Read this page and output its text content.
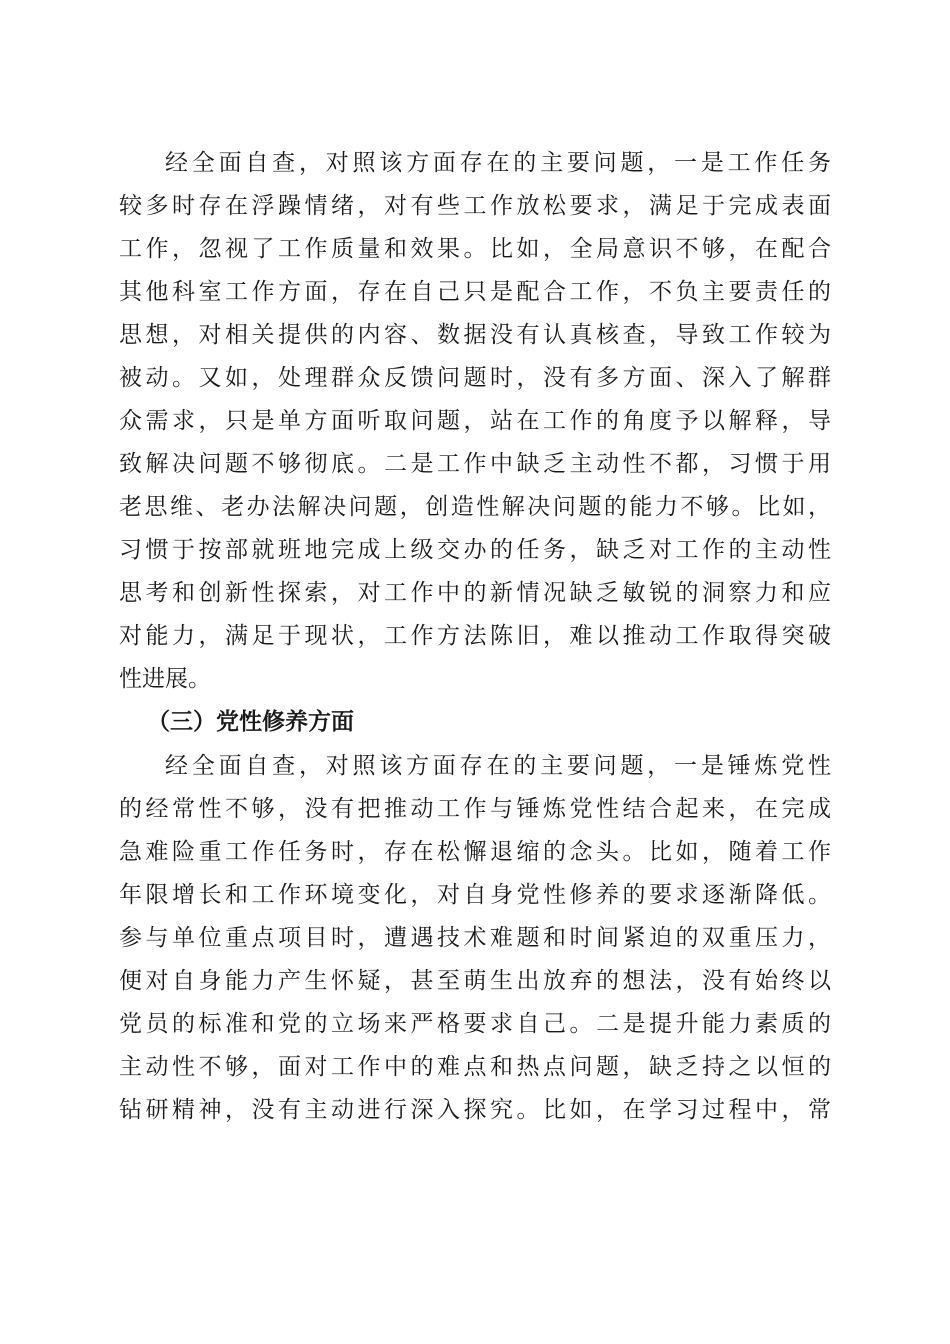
经全面自查，对照该方面存在的主要问题，一是工作任务
较多时存在浮躁情绪，对有些工作放松要求，满足于完成表面
工作，忽视了工作质量和效果。比如，全局意识不够，在配合
其他科室工作方面，存在自己只是配合工作，不负主要责任的
思想，对相关提供的内容、数据没有认真核查，导致工作较为
被动。又如，处理群众反馈问题时，没有多方面、深入了解群
众需求，只是单方面听取问题，站在工作的角度予以解释，导
致解决问题不够彻底。二是工作中缺乏主动性不都，习惯于用
老思维、老办法解决问题，创造性解决问题的能力不够。比如，
习惯于按部就班地完成上级交办的任务，缺乏对工作的主动性
思考和创新性探索，对工作中的新情况缺乏敏锐的洞察力和应
对能力，满足于现状，工作方法陈旧，难以推动工作取得突破
性进展。
（三）党性修养方面
经全面自查，对照该方面存在的主要问题，一是锤炼党性
的经常性不够，没有把推动工作与锤炼党性结合起来，在完成
急难险重工作任务时，存在松懈退缩的念头。比如，随着工作
年限增长和工作环境变化，对自身党性修养的要求逐渐降低。
参与单位重点项目时，遭遇技术难题和时间紧迫的双重压力，
便对自身能力产生怀疑，甚至萌生出放弃的想法，没有始终以
党员的标准和党的立场来严格要求自己。二是提升能力素质的
主动性不够，面对工作中的难点和热点问题，缺乏持之以恒的
钻研精神，没有主动进行深入探究。比如，在学习过程中，常
